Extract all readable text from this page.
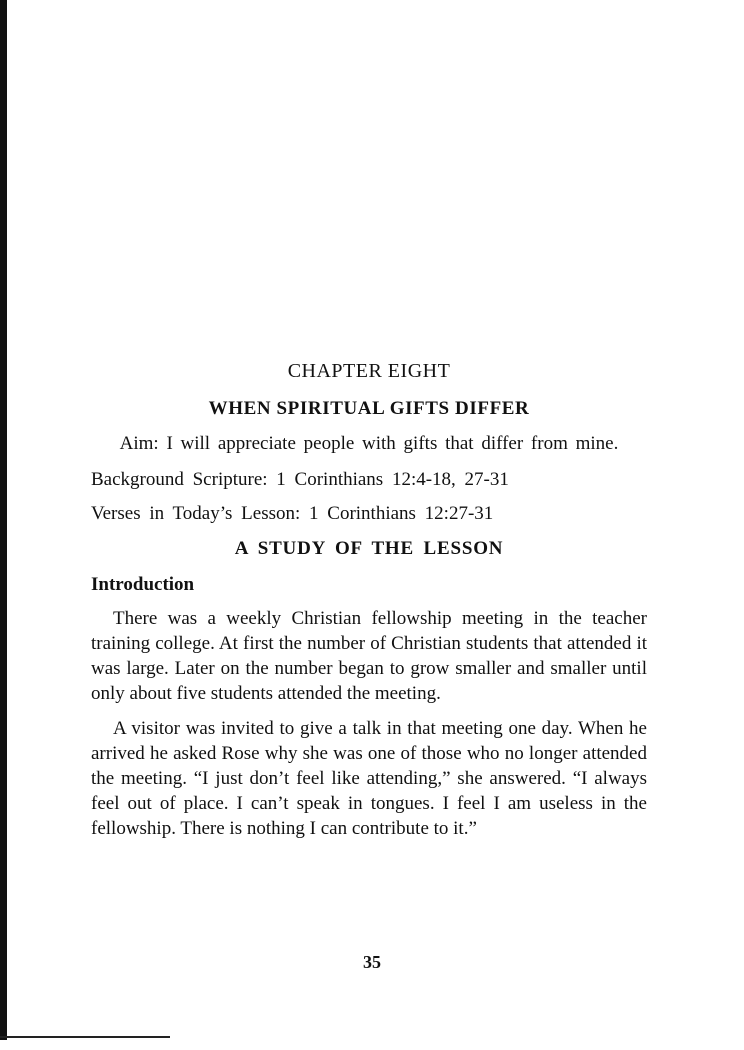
CHAPTER EIGHT
WHEN SPIRITUAL GIFTS DIFFER
Aim: I will appreciate people with gifts that differ from mine.
Background Scripture: 1 Corinthians 12:4-18, 27-31
Verses in Today’s Lesson: 1 Corinthians 12:27-31
A STUDY OF THE LESSON
Introduction

There was a weekly Christian fellowship meeting in the teacher training college. At first the number of Christian students that attended it was large. Later on the number began to grow smaller and smaller until only about five students attended the meeting.

A visitor was invited to give a talk in that meeting one day. When he arrived he asked Rose why she was one of those who no longer attended the meeting. “I just don’t feel like attending,” she answered. “I always feel out of place. I can’t speak in tongues. I feel I am useless in the fellowship. There is nothing I can contribute to it.”

35
